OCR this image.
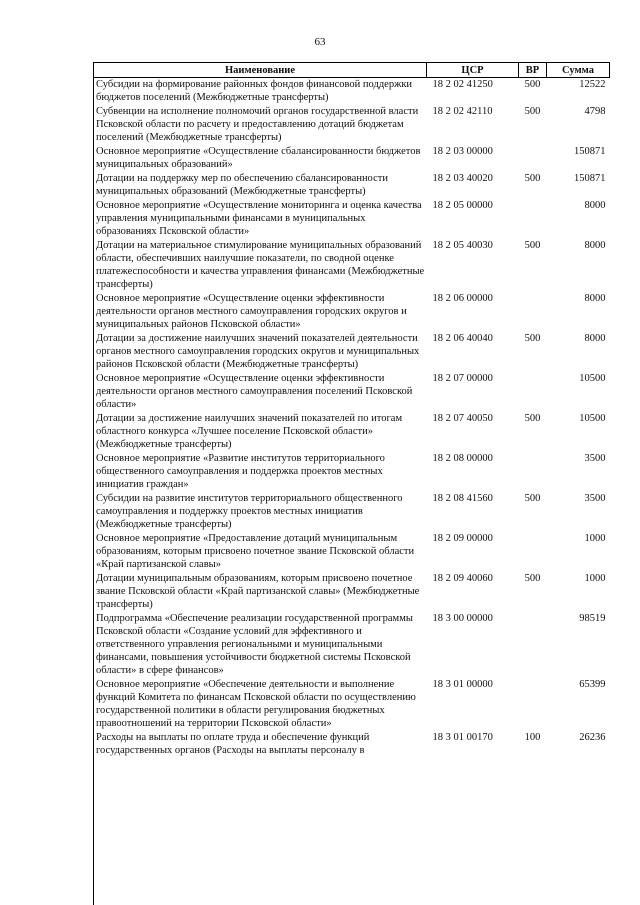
63
Наименование	ЦСР	ВР	Сумма
Субсидии на формирование районных фондов финансовой поддержки бюджетов поселений (Межбюджетные трансферты)	18 2 02 41250	500	12522
Субвенции на исполнение полномочий органов государственной власти Псковской области по расчету и предоставлению дотаций бюджетам поселений (Межбюджетные трансферты)	18 2 02 42110	500	4798
Основное мероприятие «Осуществление сбалансированности бюджетов муниципальных образований»	18 2 03 00000		150871
Дотации на поддержку мер по обеспечению сбалансированности муниципальных образований (Межбюджетные трансферты)	18 2 03 40020	500	150871
Основное мероприятие «Осуществление мониторинга и оценка качества управления муниципальными финансами в муниципальных образованиях Псковской области»	18 2 05 00000		8000
Дотации на материальное стимулирование муниципальных образований области, обеспечивших наилучшие показатели, по сводной оценке платежеспособности и качества управления финансами (Межбюджетные трансферты)	18 2 05 40030	500	8000
Основное мероприятие «Осуществление оценки эффективности деятельности органов местного самоуправления городских округов и муниципальных районов Псковской области»	18 2 06 00000		8000
Дотации за достижение наилучших значений показателей деятельности органов местного самоуправления городских округов и муниципальных районов Псковской области (Межбюджетные трансферты)	18 2 06 40040	500	8000
Основное мероприятие «Осуществление оценки эффективности деятельности органов местного самоуправления поселений Псковской области»	18 2 07 00000		10500
Дотации за достижение наилучших значений показателей по итогам областного конкурса «Лучшее поселение Псковской области» (Межбюджетные трансферты)	18 2 07 40050	500	10500
Основное мероприятие «Развитие институтов территориального общественного самоуправления и поддержка проектов местных инициатив граждан»	18 2 08 00000		3500
Субсидии на развитие институтов территориального общественного самоуправления и поддержку проектов местных инициатив (Межбюджетные трансферты)	18 2 08 41560	500	3500
Основное мероприятие «Предоставление дотаций муниципальным образованиям, которым присвоено почетное звание Псковской области «Край партизанской славы»	18 2 09 00000		1000
Дотации муниципальным образованиям, которым присвоено почетное звание Псковской области «Край партизанской славы» (Межбюджетные трансферты)	18 2 09 40060	500	1000
Подпрограмма «Обеспечение реализации государственной программы Псковской области «Создание условий для эффективного и ответственного управления региональными и муниципальными финансами, повышения устойчивости бюджетной системы Псковской области» в сфере финансов»	18 3 00 00000		98519
Основное мероприятие «Обеспечение деятельности и выполнение функций Комитета по финансам Псковской области по осуществлению государственной политики в области регулирования бюджетных правоотношений на территории Псковской области»	18 3 01 00000		65399
Расходы на выплаты по оплате труда и обеспечение функций государственных органов (Расходы на выплаты персоналу в	18 3 01 00170	100	26236
